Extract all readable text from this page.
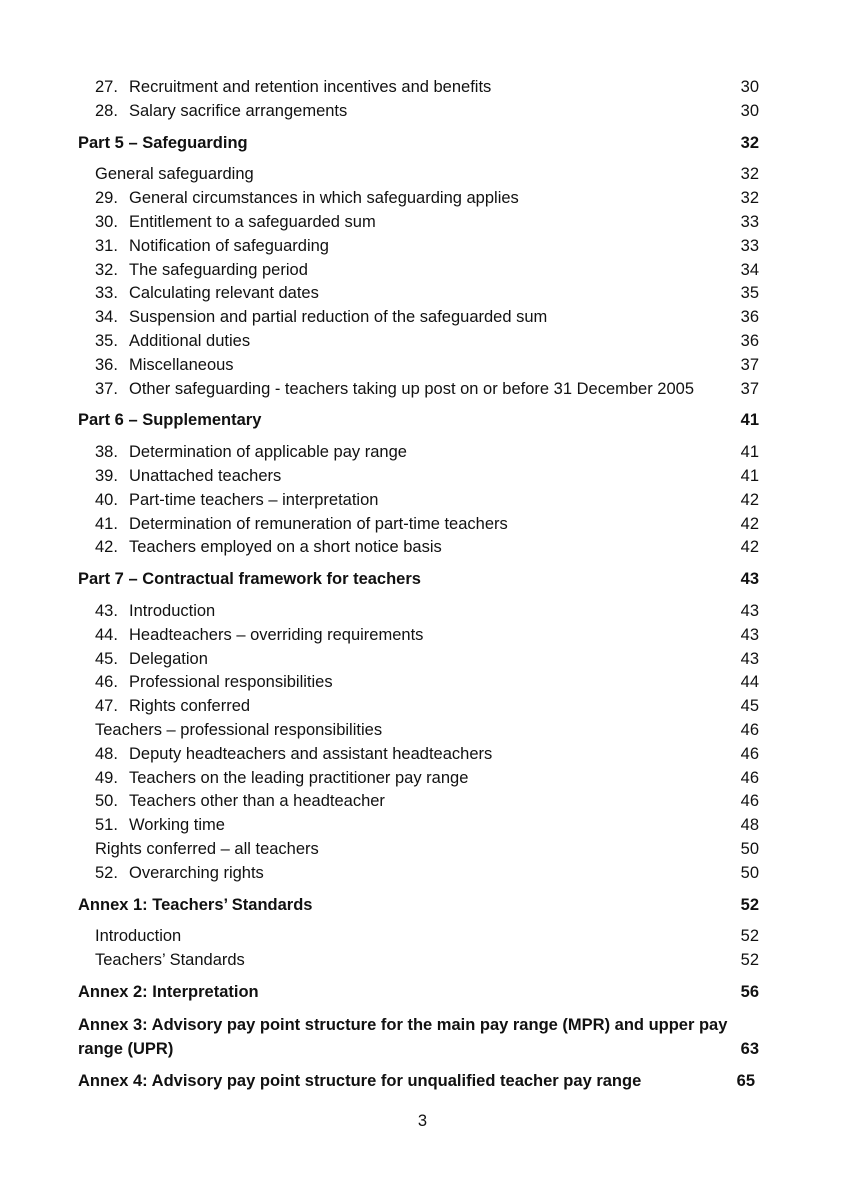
27. Recruitment and retention incentives and benefits	30
28. Salary sacrifice arrangements	30
Part 5 – Safeguarding	32
General safeguarding	32
29. General circumstances in which safeguarding applies	32
30. Entitlement to a safeguarded sum	33
31. Notification of safeguarding	33
32. The safeguarding period	34
33. Calculating relevant dates	35
34. Suspension and partial reduction of the safeguarded sum	36
35. Additional duties	36
36. Miscellaneous	37
37. Other safeguarding - teachers taking up post on or before 31 December 2005	37
Part 6 – Supplementary	41
38. Determination of applicable pay range	41
39. Unattached teachers	41
40. Part-time teachers – interpretation	42
41. Determination of remuneration of part-time teachers	42
42. Teachers employed on a short notice basis	42
Part 7 – Contractual framework for teachers	43
43. Introduction	43
44. Headteachers – overriding requirements	43
45. Delegation	43
46. Professional responsibilities	44
47. Rights conferred	45
Teachers – professional responsibilities	46
48. Deputy headteachers and assistant headteachers	46
49. Teachers on the leading practitioner pay range	46
50. Teachers other than a headteacher	46
51. Working time	48
Rights conferred – all teachers	50
52. Overarching rights	50
Annex 1: Teachers’ Standards	52
Introduction	52
Teachers’ Standards	52
Annex 2: Interpretation	56
Annex 3: Advisory pay point structure for the main pay range (MPR) and upper pay
range (UPR)	63
Annex 4: Advisory pay point structure for unqualified teacher pay range	65
3
